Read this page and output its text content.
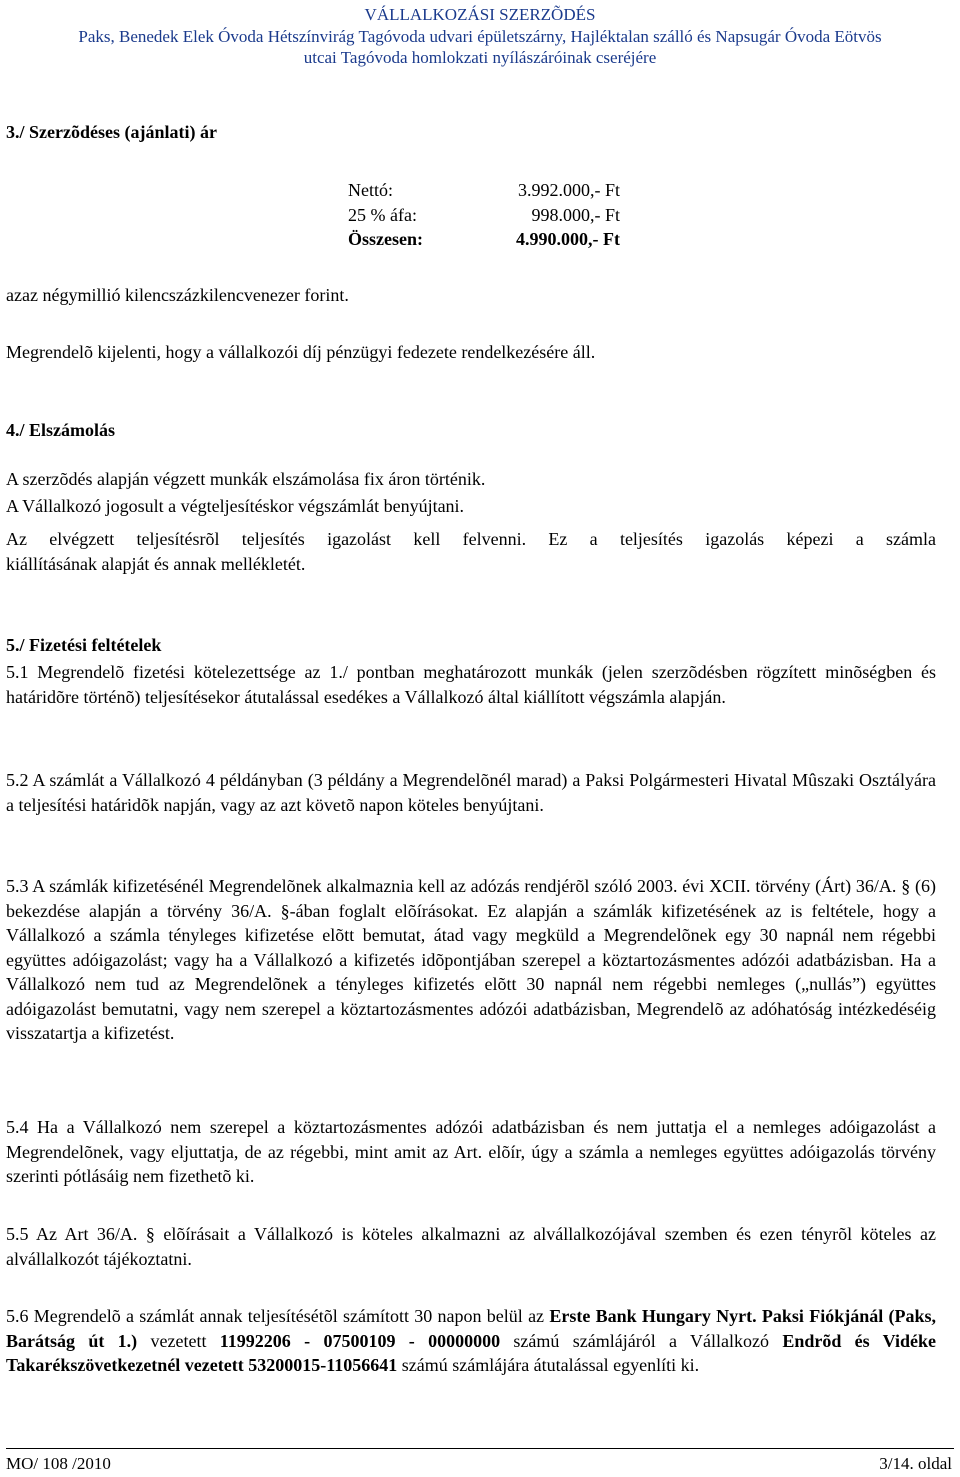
VÁLLALKOZÁSI SZERZÕDÉS
Paks, Benedek Elek Óvoda Hétszínvirág Tagóvoda udvari épületszárny, Hajléktalan szálló és Napsugár Óvoda Eötvös
utcai Tagóvoda homlokzati nyílászáróinak cseréjére
3./ Szerzõdéses (ajánlati) ár
Nettó:	3.992.000,- Ft
25 % áfa:	998.000,- Ft
Összesen:	4.990.000,- Ft
azaz négymillió kilencszázkilencvenezer forint.
Megrendelõ kijelenti, hogy a vállalkozói díj pénzügyi fedezete rendelkezésére áll.
4./ Elszámolás
A szerzõdés alapján végzett munkák elszámolása fix áron történik.
A Vállalkozó jogosult a végteljesítéskor végszámlát benyújtani.
Az elvégzett teljesítésrõl teljesítés igazolást kell felvenni. Ez a teljesítés igazolás képezi a számla
kiállításának alapját és annak mellékletét.
5./ Fizetési feltételek

5.1 Megrendelõ fizetési kötelezettsége az 1./ pontban meghatározott munkák (jelen szerzõdésben rögzített minõségben és határidõre történõ) teljesítésekor átutalással esedékes a Vállalkozó által kiállított végszámla alapján.

5.2 A számlát a Vállalkozó 4 példányban (3 példány a Megrendelõnél marad) a Paksi Polgármesteri Hivatal Mûszaki Osztályára a teljesítési határidõk napján, vagy az azt követõ napon köteles benyújtani.

5.3 A számlák kifizetésénél Megrendelõnek alkalmaznia kell az adózás rendjérõl szóló 2003. évi XCII. törvény (Árt) 36/A. § (6) bekezdése alapján a törvény 36/A. §-ában foglalt elõírásokat. Ez alapján a számlák kifizetésének az is feltétele, hogy a Vállalkozó a számla tényleges kifizetése elõtt bemutat, átad vagy megküld a Megrendelõnek egy 30 napnál nem régebbi együttes adóigazolást; vagy ha a Vállalkozó a kifizetés idõpontjában szerepel a köztartozásmentes adózói adatbázisban. Ha a Vállalkozó nem tud az Megrendelõnek a tényleges kifizetés elõtt 30 napnál nem régebbi nemleges („nullás”) együttes adóigazolást bemutatni, vagy nem szerepel a köztartozásmentes adózói adatbázisban, Megrendelõ az adóhatóság intézkedéséig visszatartja a kifizetést.

5.4 Ha a Vállalkozó nem szerepel a köztartozásmentes adózói adatbázisban és nem juttatja el a nemleges adóigazolást a Megrendelõnek, vagy eljuttatja, de az régebbi, mint amit az Art. elõír, úgy a számla a nemleges együttes adóigazolás törvény szerinti pótlásáig nem fizethetõ ki.

5.5 Az Art 36/A. § elõírásait a Vállalkozó is köteles alkalmazni az alvállalkozójával szemben és ezen tényrõl köteles az alvállalkozót tájékoztatni.

5.6 Megrendelõ a számlát annak teljesítésétõl számított 30 napon belül az Erste Bank Hungary Nyrt. Paksi Fiókjánál (Paks, Barátság út 1.) vezetett 11992206 - 07500109 - 00000000 számú számlájáról a Vállalkozó Endrõd és Vidéke Takarékszövetkezetnél vezetett 53200015-11056641 számú számlájára átutalással egyenlíti ki.

MO/ 108 /2010	3/14. oldal
